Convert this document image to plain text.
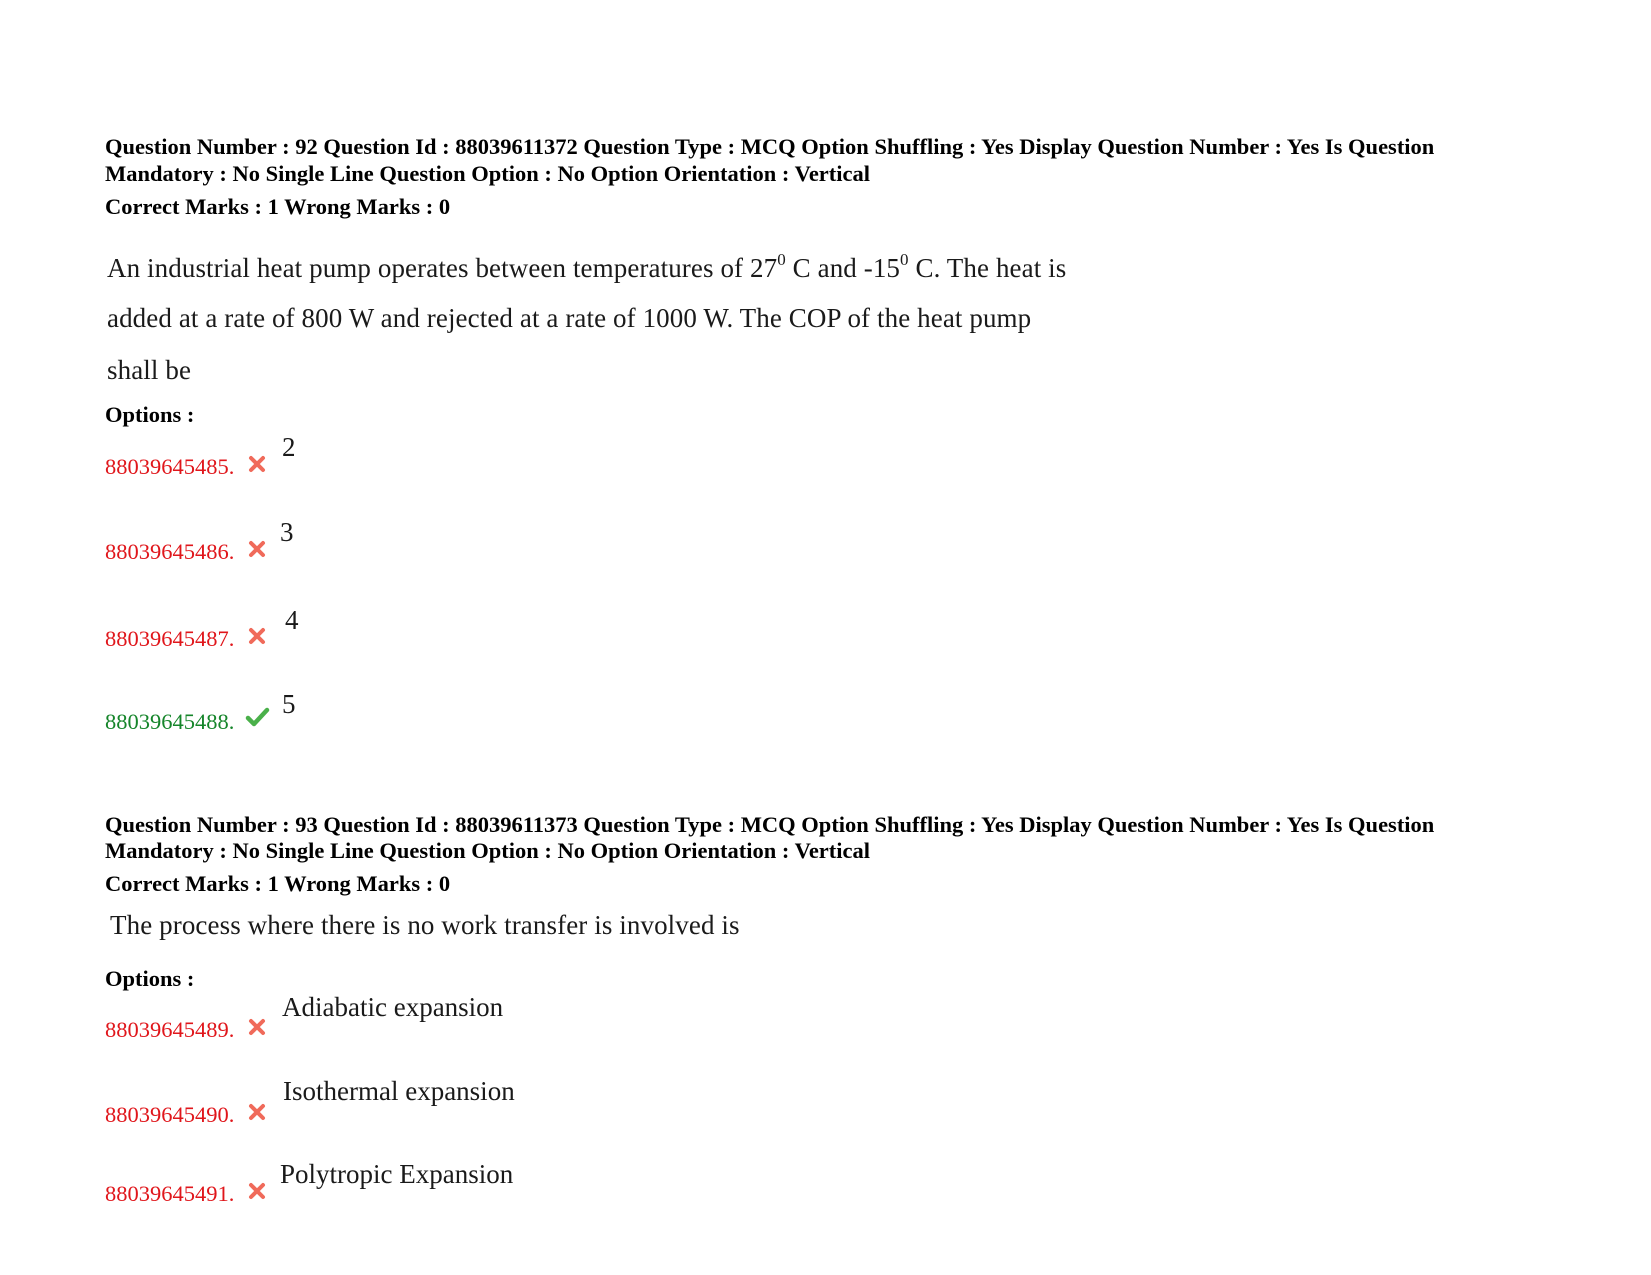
Question Number : 92 Question Id : 88039611372 Question Type : MCQ Option Shuffling : Yes Display Question Number : Yes Is Question
Mandatory : No Single Line Question Option : No Option Orientation : Vertical
Correct Marks : 1 Wrong Marks : 0
An industrial heat pump operates between temperatures of $27^0$ C and $-15^0$ C. The heat is
added at a rate of 800 W and rejected at a rate of 1000 W. The COP of the heat pump
shall be
Options :
88039645485.
2
88039645486.
3
88039645487.
4
88039645488.
5
Question Number : 93 Question Id : 88039611373 Question Type : MCQ Option Shuffling : Yes Display Question Number : Yes Is Question
Mandatory : No Single Line Question Option : No Option Orientation : Vertical
Correct Marks : 1 Wrong Marks : 0
The process where there is no work transfer is involved is
Options :
88039645489.
Adiabatic expansion
88039645490.
Isothermal expansion
88039645491.
Polytropic Expansion
